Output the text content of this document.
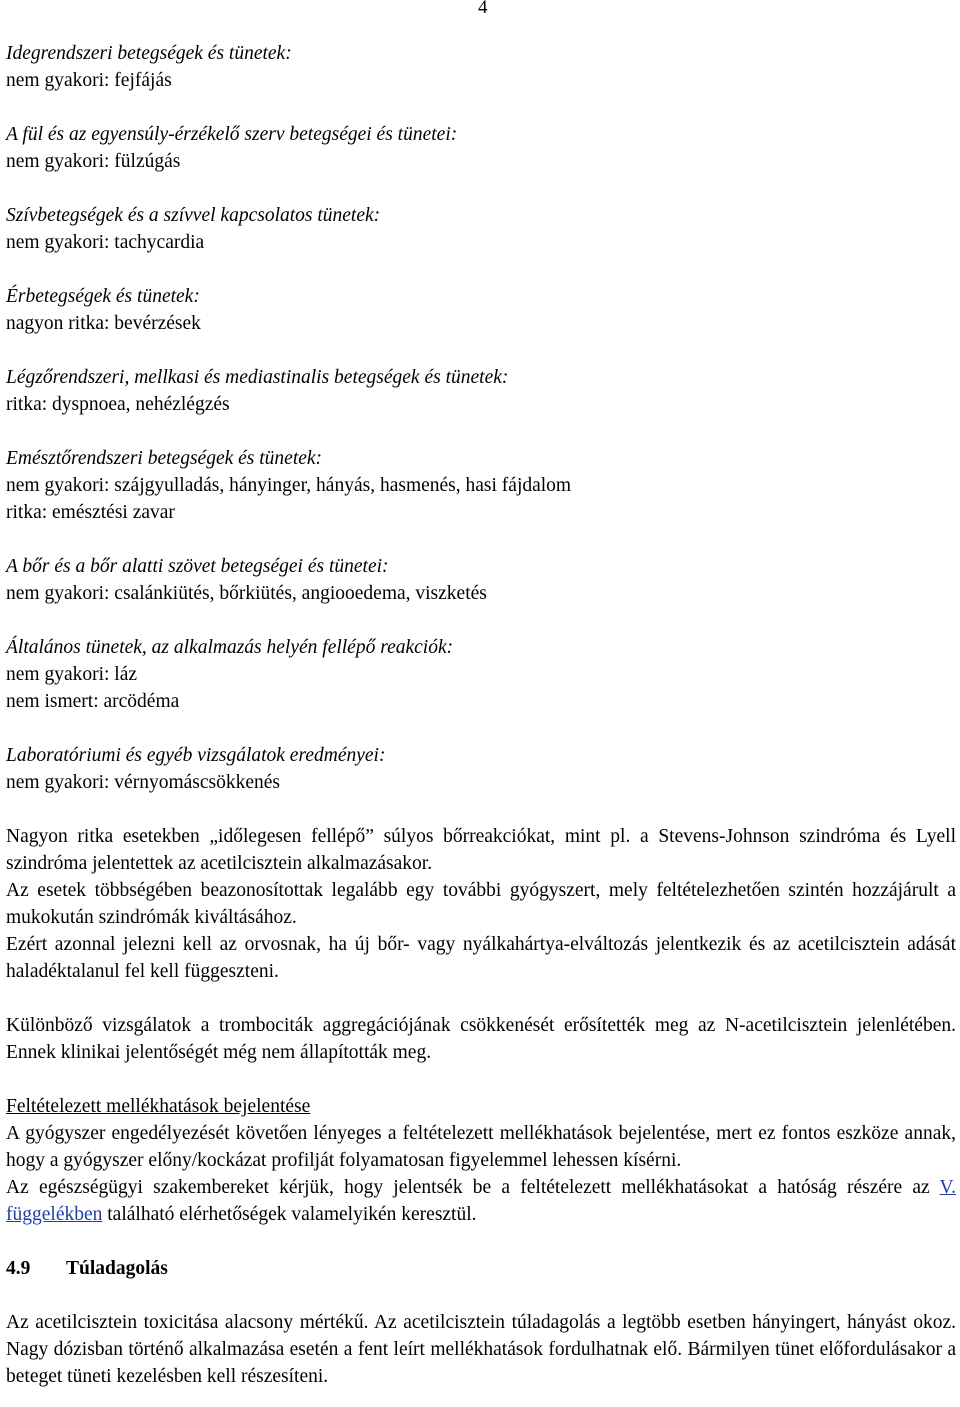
4
Idegrendszeri betegségek és tünetek:
nem gyakori: fejfájás
A fül és az egyensúly-érzékelő szerv betegségei és tünetei:
nem gyakori: fülzúgás
Szívbetegségek és a szívvel kapcsolatos tünetek:
nem gyakori: tachycardia
Érbetegségek és tünetek:
nagyon ritka: bevérzések
Légzőrendszeri, mellkasi és mediastinalis betegségek és tünetek:
ritka: dyspnoea, nehézlégzés
Emésztőrendszeri betegségek és tünetek:
nem gyakori: szájgyulladás, hányinger, hányás, hasmenés, hasi fájdalom
ritka: emésztési zavar
A bőr és a bőr alatti szövet betegségei és tünetei:
nem gyakori: csalánkiütés, bőrkiütés, angiooedema, viszketés
Általános tünetek, az alkalmazás helyén fellépő reakciók:
nem gyakori: láz
nem ismert: arcödéma
Laboratóriumi és egyéb vizsgálatok eredményei:
nem gyakori: vérnyomáscsökkenés

Nagyon ritka esetekben „időlegesen fellépő” súlyos bőrreakciókat, mint pl. a Stevens-Johnson szindróma és Lyell szindróma jelentettek az acetilcisztein alkalmazásakor.

Az esetek többségében beazonosítottak legalább egy további gyógyszert, mely feltételezhetően szintén hozzájárult a mukokután szindrómák kiváltásához.

Ezért azonnal jelezni kell az orvosnak, ha új bőr- vagy nyálkahártya-elváltozás jelentkezik és az acetilcisztein adását haladéktalanul fel kell függeszteni.

Különböző vizsgálatok a trombociták aggregációjának csökkenését erősítették meg az N-acetilcisztein jelenlétében. Ennek klinikai jelentőségét még nem állapították meg.

Feltételezett mellékhatások bejelentése

A gyógyszer engedélyezését követően lényeges a feltételezett mellékhatások bejelentése, mert ez fontos eszköze annak, hogy a gyógyszer előny/kockázat profilját folyamatosan figyelemmel lehessen kísérni.

Az egészségügyi szakembereket kérjük, hogy jelentsék be a feltételezett mellékhatásokat a hatóság részére az V. függelékben található elérhetőségek valamelyikén keresztül.

4.9	Túladagolás

Az acetilcisztein toxicitása alacsony mértékű. Az acetilcisztein túladagolás a legtöbb esetben hányingert, hányást okoz. Nagy dózisban történő alkalmazása esetén a fent leírt mellékhatások fordulhatnak elő. Bármilyen tünet előfordulásakor a beteget tüneti kezelésben kell részesíteni.
